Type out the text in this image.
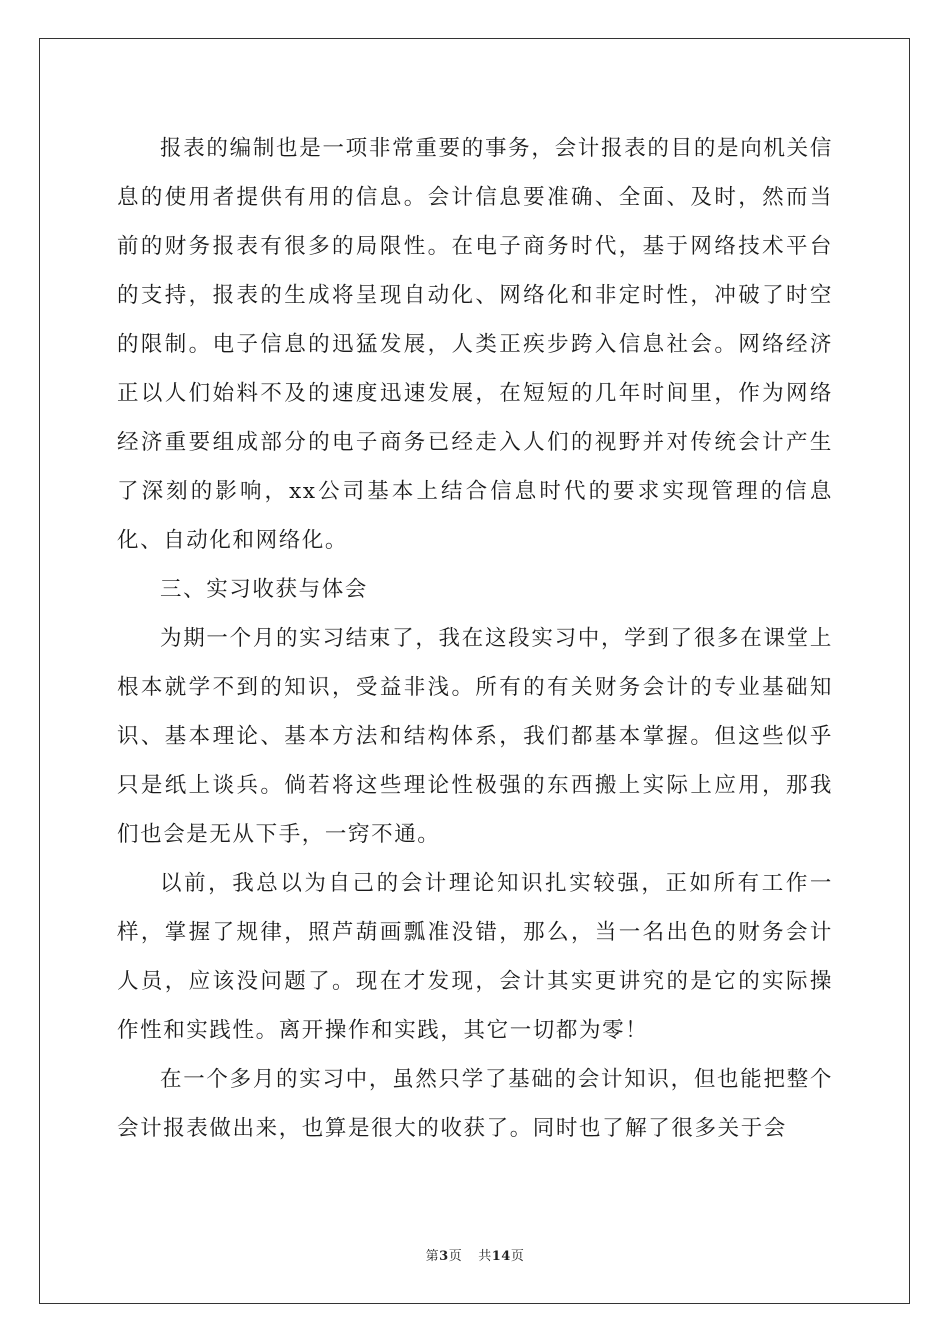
报表的编制也是一项非常重要的事务，会计报表的目的是向机关信息的使用者提供有用的信息。会计信息要准确、全面、及时，然而当前的财务报表有很多的局限性。在电子商务时代，基于网络技术平台的支持，报表的生成将呈现自动化、网络化和非定时性，冲破了时空的限制。电子信息的迅猛发展，人类正疾步跨入信息社会。网络经济正以人们始料不及的速度迅速发展，在短短的几年时间里，作为网络经济重要组成部分的电子商务已经走入人们的视野并对传统会计产生了深刻的影响，xx公司基本上结合信息时代的要求实现管理的信息化、自动化和网络化。

三、实习收获与体会

为期一个月的实习结束了，我在这段实习中，学到了很多在课堂上根本就学不到的知识，受益非浅。所有的有关财务会计的专业基础知识、基本理论、基本方法和结构体系，我们都基本掌握。但这些似乎只是纸上谈兵。倘若将这些理论性极强的东西搬上实际上应用，那我们也会是无从下手，一窍不通。

以前，我总以为自己的会计理论知识扎实较强，正如所有工作一样，掌握了规律，照芦葫画瓢准没错，那么，当一名出色的财务会计人员，应该没问题了。现在才发现，会计其实更讲究的是它的实际操作性和实践性。离开操作和实践，其它一切都为零！

在一个多月的实习中，虽然只学了基础的会计知识，但也能把整个会计报表做出来，也算是很大的收获了。同时也了解了很多关于会

第3页 共14页
